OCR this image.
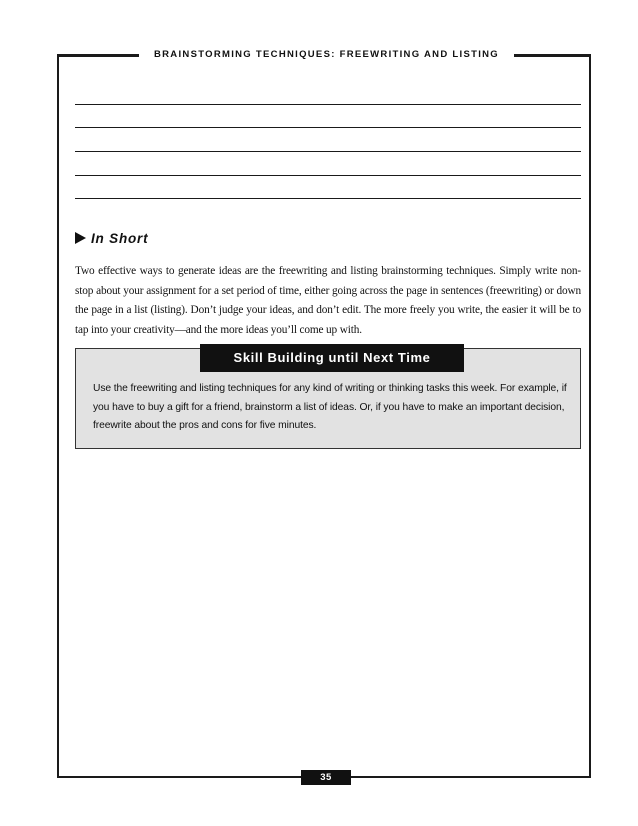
BRAINSTORMING TECHNIQUES: FREEWRITING AND LISTING
In Short
Two effective ways to generate ideas are the freewriting and listing brainstorming techniques. Simply write non-stop about your assignment for a set period of time, either going across the page in sentences (freewriting) or down the page in a list (listing). Don’t judge your ideas, and don’t edit. The more freely you write, the easier it will be to tap into your creativity—and the more ideas you’ll come up with.
Skill Building until Next Time
Use the freewriting and listing techniques for any kind of writing or thinking tasks this week. For example, if you have to buy a gift for a friend, brainstorm a list of ideas. Or, if you have to make an important decision, freewrite about the pros and cons for five minutes.
35
